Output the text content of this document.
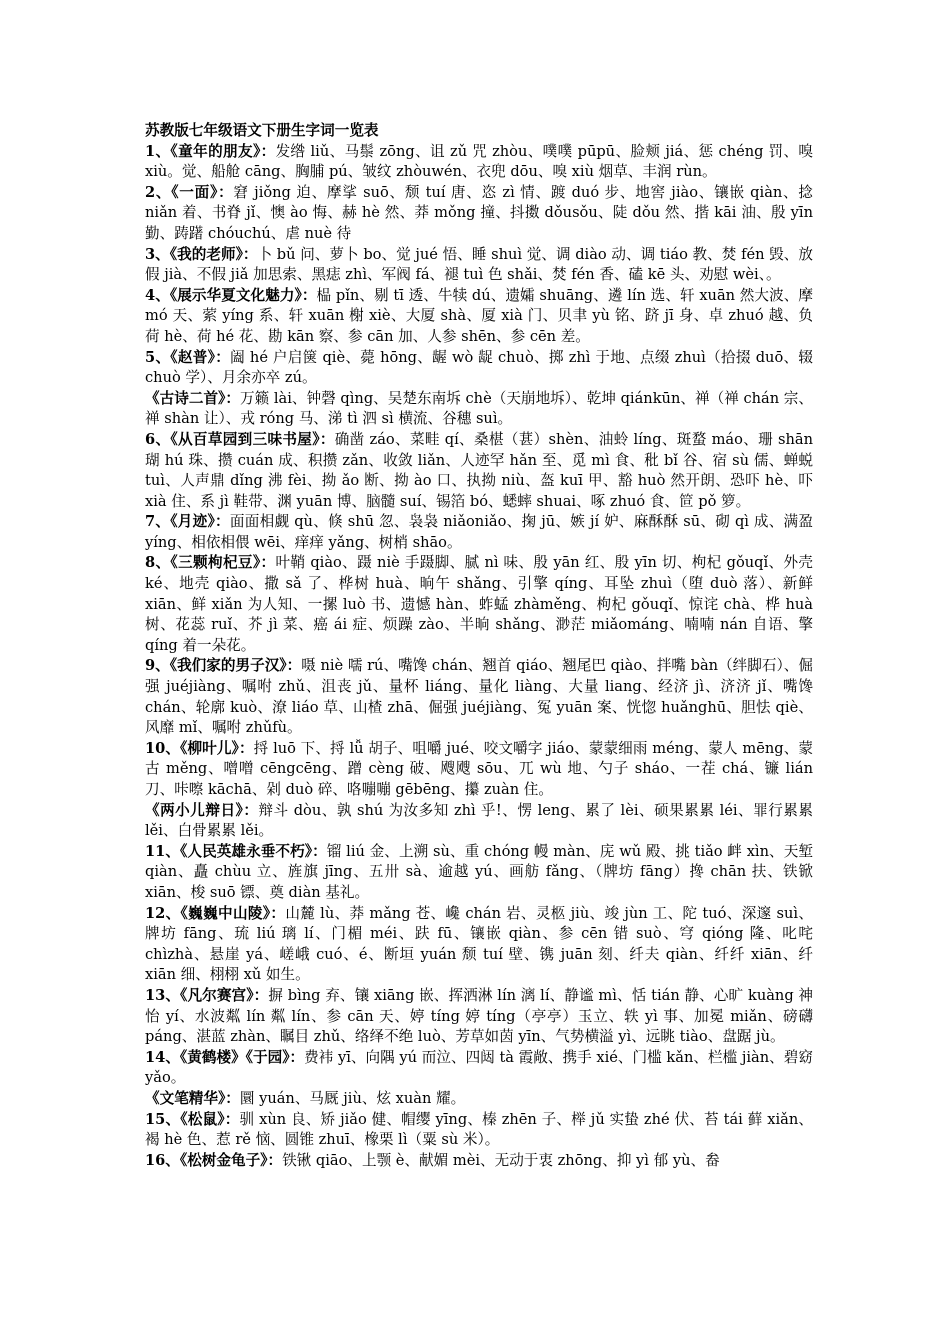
苏教版七年级语文下册生字词一览表
1、《童年的朋友》：发绺 liǔ、马鬃 zōng、诅 zǔ 咒 zhòu、噗噗 pūpū、脸颊 jiá、惩 chéng 罚、嗅 xiù。觉、船舱 cāng、胸脯 pú、皱纹 zhòuwén、衣兜 dōu、嗅 xiù 烟草、丰润 rùn。
2、《一面》：窘 jiǒng 迫、摩挲 suō、颓 tuí 唐、恣 zì 情、踱 duó 步、地窖 jiào、镶嵌 qiàn、捻 niǎn 着、书脊 jǐ、懊 ào 悔、赫 hè 然、莽 mǒng 撞、抖擞 dǒusǒu、陡 dǒu 然、揩 kāi 油、殷 yīn 勤、踌躇 chóuchú、虐 nuè 待
3、《我的老师》：卜 bǔ 问、萝卜 bo、觉 jué 悟、睡 shuì 觉、调 diào 动、调 tiáo 教、焚 fén 毁、放假 jià、不假 jiǎ 加思索、黑痣 zhì、军阀 fá、褪 tuì 色 shǎi、焚 fén 香、磕 kē 头、劝慰 wèi、。
4、《展示华夏文化魅力》：榀 pǐn、剔 tī 透、牛犊 dú、遗孀 shuāng、遴 lín 选、轩 xuān 然大波、摩 mó 天、萦 yíng 系、轩 xuān 榭 xiè、大厦 shà、厦 xià 门、贝聿 yù 铭、跻 jī 身、卓 zhuó 越、负荷 hè、荷 hé 花、勘 kān 察、参 cān 加、人参 shēn、参 cēn 差。
5、《赵普》：阖 hé 户启箧 qiè、薨 hōng、龌 wò 龊 chuò、掷 zhì 于地、点缀 zhuì（拾掇 duō、辍 chuò 学）、月余亦卒 zú。
《古诗二首》：万籁 lài、钟磬 qìng、吴楚东南坼 chè（天崩地坼）、乾坤 qiánkūn、禅（禅 chán 宗、禅 shàn 让）、戎 róng 马、涕 tì 泗 sì 横流、谷穗 suì。
6、《从百草园到三味书屋》：确凿 záo、菜畦 qí、桑椹（葚）shèn、油蛉 líng、斑蝥 máo、珊 shān 瑚 hú 珠、攒 cuán 成、积攒 zǎn、收敛 liǎn、人迹罕 hǎn 至、觅 mì 食、秕 bǐ 谷、宿 sù 儒、蝉蜕 tuì、人声鼎 dǐng 沸 fèi、拗 ǎo 断、拗 ào 口、执拗 niù、盔 kuī 甲、豁 huò 然开朗、恐吓 hè、吓 xià 住、系 jì 鞋带、渊 yuān 博、脑髓 suí、锡箔 bó、蟋蟀 shuai、啄 zhuó 食、笸 pǒ 箩。
7、《月迹》：面面相觑 qù、倏 shū 忽、袅袅 niǎoniǎo、掬 jū、嫉 jí 妒、麻酥酥 sū、砌 qì 成、满盈 yíng、相依相偎 wēi、痒痒 yǎng、树梢 shāo。
8、《三颗枸杞豆》：叶鞘 qiào、蹑 niè 手蹑脚、腻 nì 味、殷 yān 红、殷 yīn 切、枸杞 gǒuqǐ、外壳 ké、地壳 qiào、撒 sǎ 了、桦树 huà、晌午 shǎng、引擎 qíng、耳坠 zhuì（堕 duò 落）、新鲜 xiān、鲜 xiǎn 为人知、一摞 luò 书、遗憾 hàn、蚱蜢 zhàměng、枸杞 gǒuqǐ、惊诧 chà、桦 huà 树、花蕊 ruǐ、芥 jì 菜、癌 ái 症、烦躁 zào、半晌 shǎng、渺茫 miǎománg、喃喃 nán 自语、擎 qíng 着一朵花。
9、《我们家的男子汉》：嗫 niè 嚅 rú、嘴馋 chán、翘首 qiáo、翘尾巴 qiào、拌嘴 bàn（绊脚石）、倔强 juéjiàng、嘱咐 zhǔ、沮丧 jǔ、量杯 liáng、量化 liàng、大量 liang、经济 jì、济济 jǐ、嘴馋 chán、轮廓 kuò、潦 liáo 草、山楂 zhā、倔强 juéjiàng、冤 yuān 案、恍惚 huǎnghū、胆怯 qiè、风靡 mǐ、嘱咐 zhǔfù。
10、《柳叶儿》：捋 luō 下、捋 lǚ 胡子、咀嚼 jué、咬文嚼字 jiáo、蒙蒙细雨 méng、蒙人 mēng、蒙古 měng、噌噌 cēngcēng、蹭 cèng 破、飕飕 sōu、兀 wù 地、勺子 sháo、一茬 chá、镰 lián 刀、咔嚓 kāchā、剁 duò 碎、咯嘣嘣 gēbēng、攥 zuàn 住。
《两小儿辩日》：辩斗 dòu、孰 shú 为汝多知 zhì 乎!、愣 leng、累了 lèi、硕果累累 léi、罪行累累 lěi、白骨累累 lěi。
11、《人民英雄永垂不朽》：镏 liú 金、上溯 sù、重 chóng 幔 màn、庑 wǔ 殿、挑 tiǎo 衅 xìn、天堑 qiàn、矗 chùu 立、旌旗 jīng、五卅 sà、逾越 yú、画舫 fǎng、（牌坊 fāng）搀 chān 扶、铁锨 xiān、梭 suō 镖、奠 diàn 基礼。
12、《巍巍中山陵》：山麓 lù、莽 mǎng 苍、巉 chán 岩、灵柩 jiù、竣 jùn 工、陀 tuó、深邃 suì、牌坊 fāng、琉 liú 璃 lí、门楣 méi、趺 fū、镶嵌 qiàn、参 cēn 错 suò、穹 qióng 隆、叱咤 chìzhà、悬崖 yá、嵯峨 cuó、é、断垣 yuán 颓 tuí 壁、镌 juān 刻、纤夫 qiàn、纤纤 xiān、纤 xiān 细、栩栩 xǔ 如生。
13、《凡尔赛宫》：摒 bìng 弃、镶 xiāng 嵌、挥洒淋 lín 漓 lí、静谧 mì、恬 tián 静、心旷 kuàng 神怡 yí、水波粼 lín 粼 lín、参 cān 天、婷 tíng 婷 tíng（亭亭）玉立、轶 yì 事、加冕 miǎn、磅礴 páng、湛蓝 zhàn、瞩目 zhǔ、络绎不绝 luò、芳草如茵 yīn、气势横溢 yì、远眺 tiào、盘踞 jù。
14、《黄鹤楼》《于园》：费袆 yī、向隅 yú 而泣、四闼 tà 霞敞、携手 xié、门槛 kǎn、栏槛 jiàn、碧窈 yǎo。
《文笔精华》：圜 yuán、马厩 jiù、炫 xuàn 耀。
15、《松鼠》：驯 xùn 良、矫 jiǎo 健、帽缨 yīng、榛 zhēn 子、榉 jǔ 实蛰 zhé 伏、苔 tái 藓 xiǎn、褐 hè 色、惹 rě 恼、圆锥 zhuī、橡栗 lì（粟 sù 米）。
16、《松树金龟子》：铁锹 qiāo、上颚 è、献媚 mèi、无动于衷 zhōng、抑 yì 郁 yù、畚
